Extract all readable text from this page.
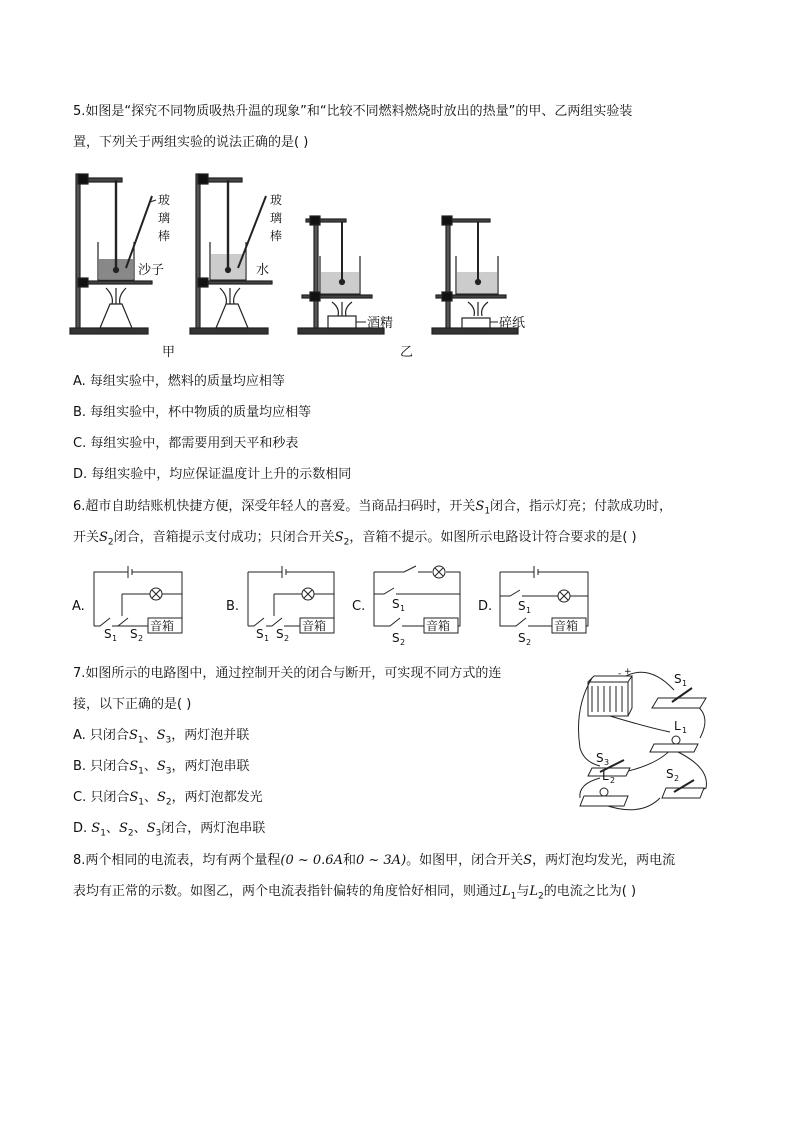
5.如图是“探究不同物质吸热升温的现象”和“比较不同燃料燃烧时放出的热量”的甲、乙两组实验装
置，下列关于两组实验的说法正确的是( )
玻
璃
棒
玻
璃
棒
沙子	水
酒精	碎纸
甲	乙
A. 每组实验中，燃料的质量均应相等
B. 每组实验中，杯中物质的质量均应相等
C. 每组实验中，都需要用到天平和秒表
D. 每组实验中，均应保证温度计上升的示数相同
6.超市自助结账机快捷方便，深受年轻人的喜爱。当商品扫码时，开关$S_1$闭合，指示灯亮；付款成功时，
开关$S_2$闭合，音箱提示支付成功；只闭合开关$S_2$，音箱不提示。如图所示电路设计符合要求的是( )
A.
音箱
S 1 S 2
B.
音箱
S 1 S 2
C.
音箱
S 1
S 2
D.
音箱
S 1
S 2
7.如图所示的电路图中，通过控制开关的闭合与断开，可实现不同方式的连
接，以下正确的是( )
A. 只闭合$S_1$、$S_3$，两灯泡并联
B. 只闭合$S_1$、$S_3$，两灯泡串联
C. 只闭合$S_1$、$S_2$，两灯泡都发光
D. $S_1$、$S_2$、$S_3$闭合，两灯泡串联
S 1
L 1
S 3
S 2
L 2
- +
8.两个相同的电流表，均有两个量程(0 ~ 0.6A和0 ~ 3A)。如图甲，闭合开关S，两灯泡均发光，两电流
表均有正常的示数。如图乙，两个电流表指针偏转的角度恰好相同，则通过$L_1$与$L_2$的电流之比为( )
